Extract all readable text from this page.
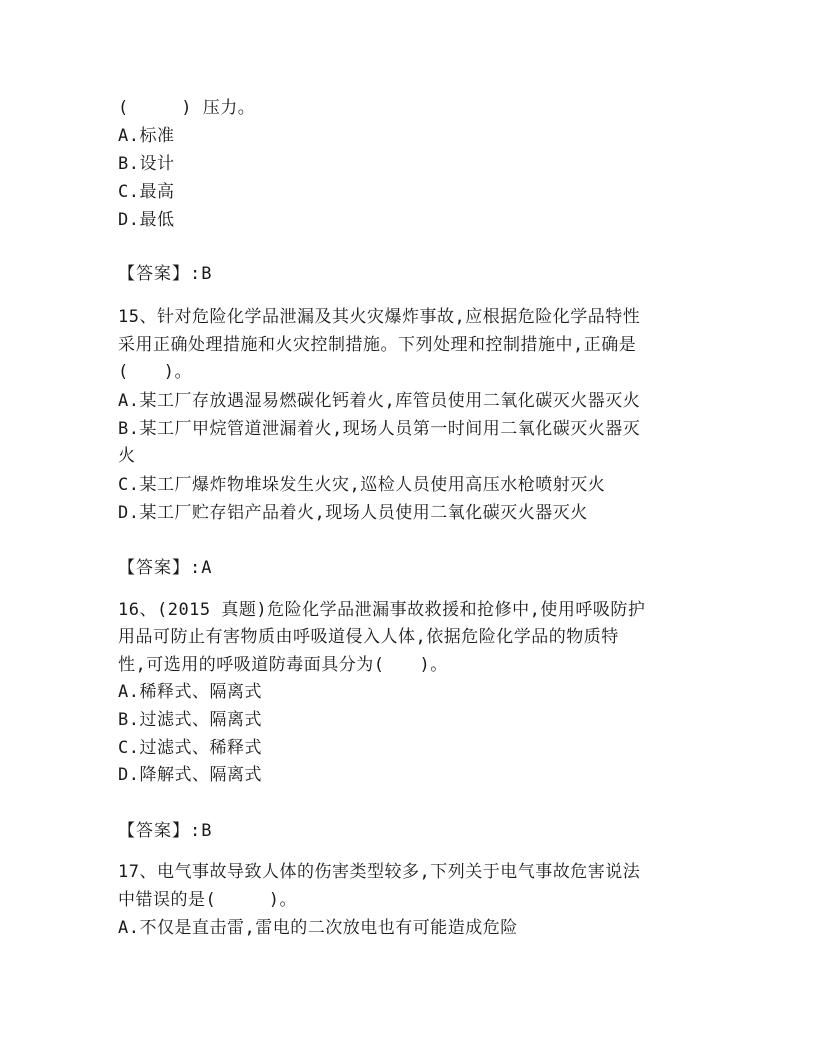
(　　　) 压力。
A.标准
B.设计
C.最高
D.最低
【答案】:B
15、针对危险化学品泄漏及其火灾爆炸事故,应根据危险化学品特性
采用正确处理措施和火灾控制措施。下列处理和控制措施中,正确是
(　　)。
A.某工厂存放遇湿易燃碳化钙着火,库管员使用二氧化碳灭火器灭火
B.某工厂甲烷管道泄漏着火,现场人员第一时间用二氧化碳灭火器灭
火
C.某工厂爆炸物堆垛发生火灾,巡检人员使用高压水枪喷射灭火
D.某工厂贮存铝产品着火,现场人员使用二氧化碳灭火器灭火
【答案】:A
16、(2015 真题)危险化学品泄漏事故救援和抢修中,使用呼吸防护
用品可防止有害物质由呼吸道侵入人体,依据危险化学品的物质特
性,可选用的呼吸道防毒面具分为(　　)。
A.稀释式、隔离式
B.过滤式、隔离式
C.过滤式、稀释式
D.降解式、隔离式
【答案】:B
17、电气事故导致人体的伤害类型较多,下列关于电气事故危害说法
中错误的是(　　　)。
A.不仅是直击雷,雷电的二次放电也有可能造成危险
